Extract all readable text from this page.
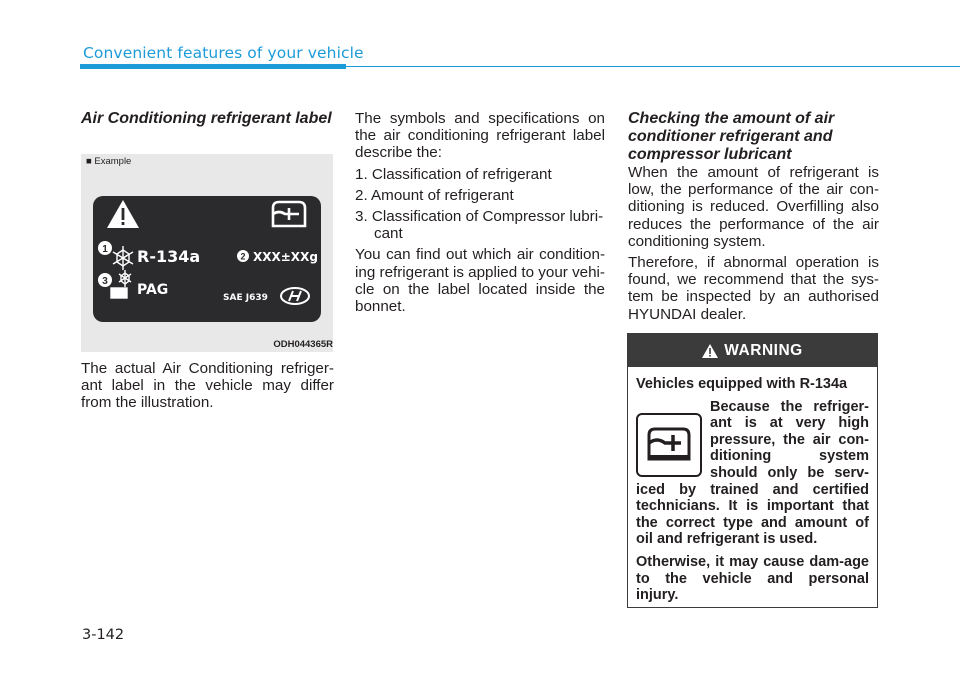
Convenient features of your vehicle
Air Conditioning refrigerant label
■ Example
1 R-134a	2 XXX±XXg
3
PAG	SAE J639
ODH044365R

The actual Air Conditioning refriger-ant label in the vehicle may differ from the illustration.

The symbols and specifications on the air conditioning refrigerant label describe the:

1. Classification of refrigerant
2. Amount of refrigerant
3. Classification of Compressor lubri-cant

You can find out which air condition-ing refrigerant is applied to your vehi-cle on the label located inside the bonnet.

Checking the amount of air conditioner refrigerant and compressor lubricant

When the amount of refrigerant is low, the performance of the air con-ditioning is reduced. Overfilling also reduces the performance of the air conditioning system.

Therefore, if abnormal operation is found, we recommend that the sys-tem be inspected by an authorised HYUNDAI dealer.

WARNING
Vehicles equipped with R-134a

Because the refriger-ant is at very high pressure, the air con-ditioning system should only be serv-iced by trained and certified technicians. It is important that the correct type and amount of oil and refrigerant is used.

Otherwise, it may cause dam-age to the vehicle and personal injury.

3-142
